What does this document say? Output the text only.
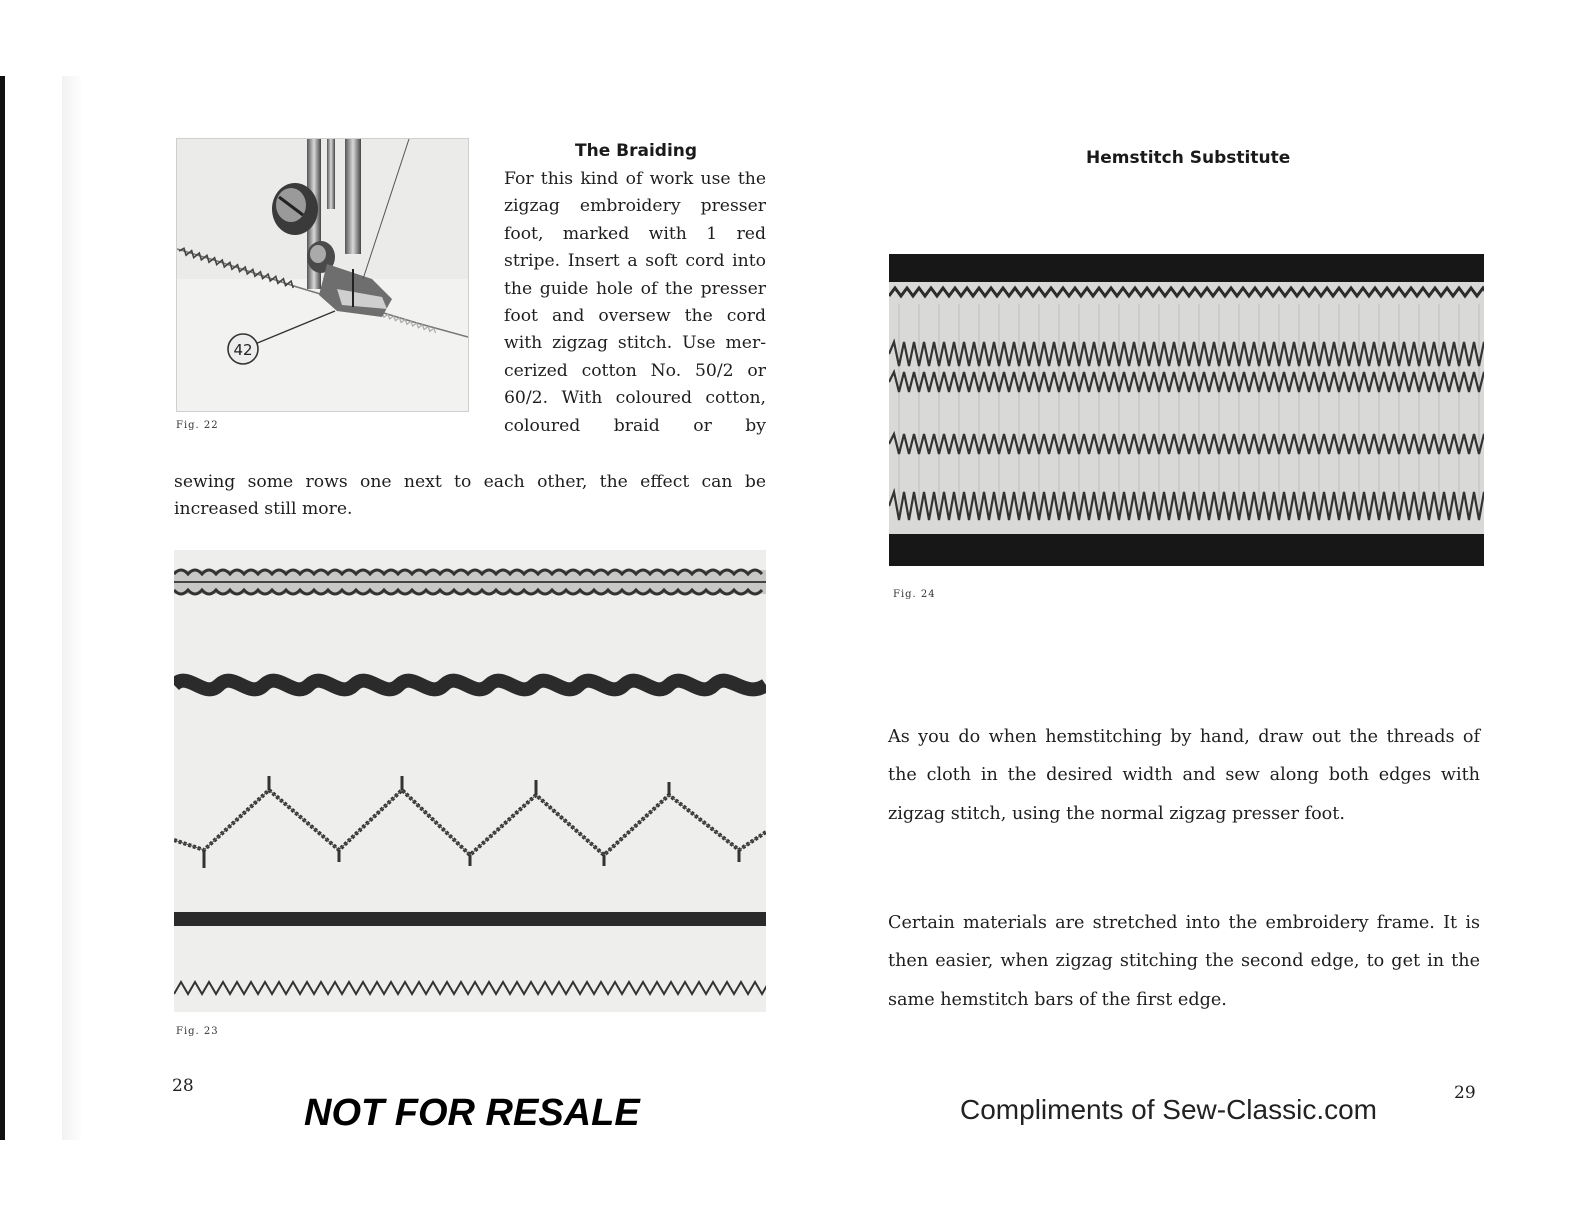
42
The Braiding

For this kind of work use the zigzag embroidery presser foot, marked with 1 red stripe. Insert a soft cord into the guide hole of the presser foot and oversew the cord with zigzag stitch. Use mercerized cotton No. 50/2 or 60/2. With coloured cotton, coloured braid or by

Fig. 22

sewing some rows one next to each other, the effect can be increased still more.

Fig. 23
28
NOT FOR RESALE
Hemstitch Substitute
Fig. 24

As you do when hemstitching by hand, draw out the threads of the cloth in the desired width and sew along both edges with zigzag stitch, using the normal zigzag presser foot.

Certain materials are stretched into the embroidery frame. It is then easier, when zigzag stitching the second edge, to get in the same hemstitch bars of the first edge.

Compliments of Sew-Classic.com
29
